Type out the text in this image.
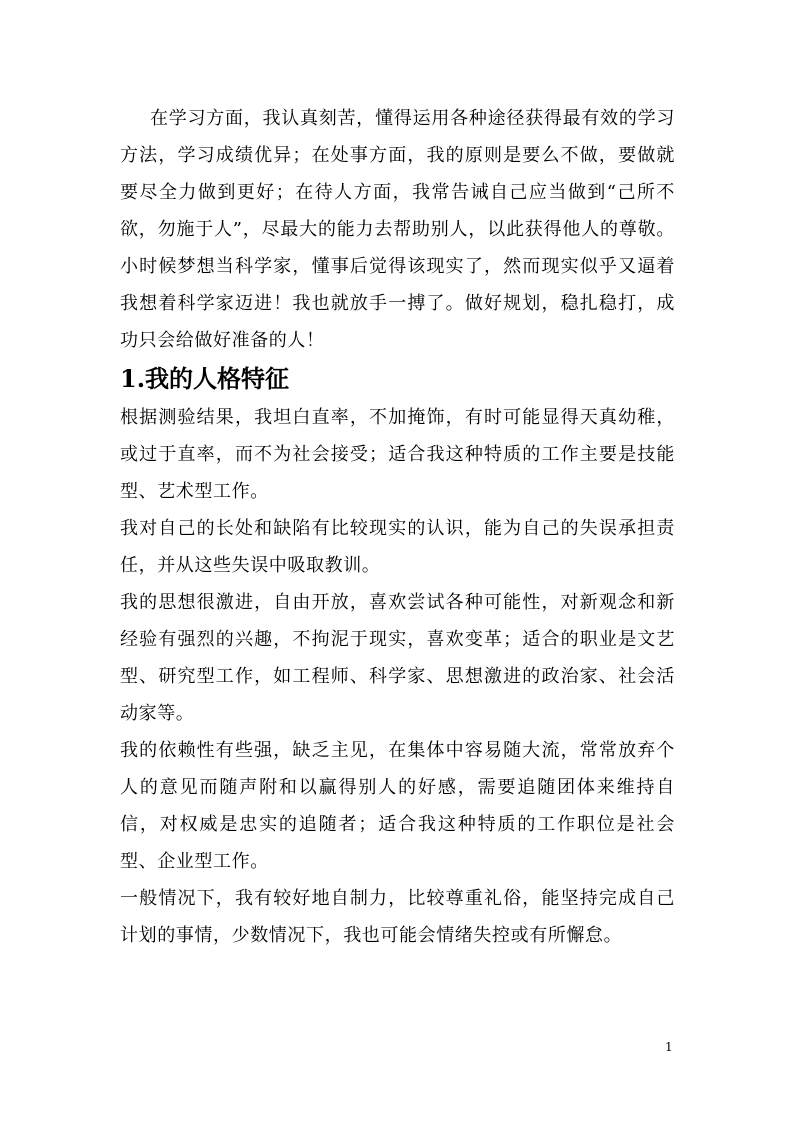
在学习方面，我认真刻苦，懂得运用各种途径获得最有效的学习方法，学习成绩优异；在处事方面，我的原则是要么不做，要做就要尽全力做到更好；在待人方面，我常告诫自己应当做到“己所不欲，勿施于人”，尽最大的能力去帮助别人，以此获得他人的尊敬。小时候梦想当科学家，懂事后觉得该现实了，然而现实似乎又逼着我想着科学家迈进！我也就放手一搏了。做好规划，稳扎稳打，成功只会给做好准备的人！

1.我的人格特征

根据测验结果，我坦白直率，不加掩饰，有时可能显得天真幼稚，或过于直率，而不为社会接受；适合我这种特质的工作主要是技能型、艺术型工作。

我对自己的长处和缺陷有比较现实的认识，能为自己的失误承担责任，并从这些失误中吸取教训。

我的思想很激进，自由开放，喜欢尝试各种可能性，对新观念和新经验有强烈的兴趣，不拘泥于现实，喜欢变革；适合的职业是文艺型、研究型工作，如工程师、科学家、思想激进的政治家、社会活动家等。

我的依赖性有些强，缺乏主见，在集体中容易随大流，常常放弃个人的意见而随声附和以赢得别人的好感，需要追随团体来维持自信，对权威是忠实的追随者；适合我这种特质的工作职位是社会型、企业型工作。

一般情况下，我有较好地自制力，比较尊重礼俗，能坚持完成自己计划的事情，少数情况下，我也可能会情绪失控或有所懈怠。

1
